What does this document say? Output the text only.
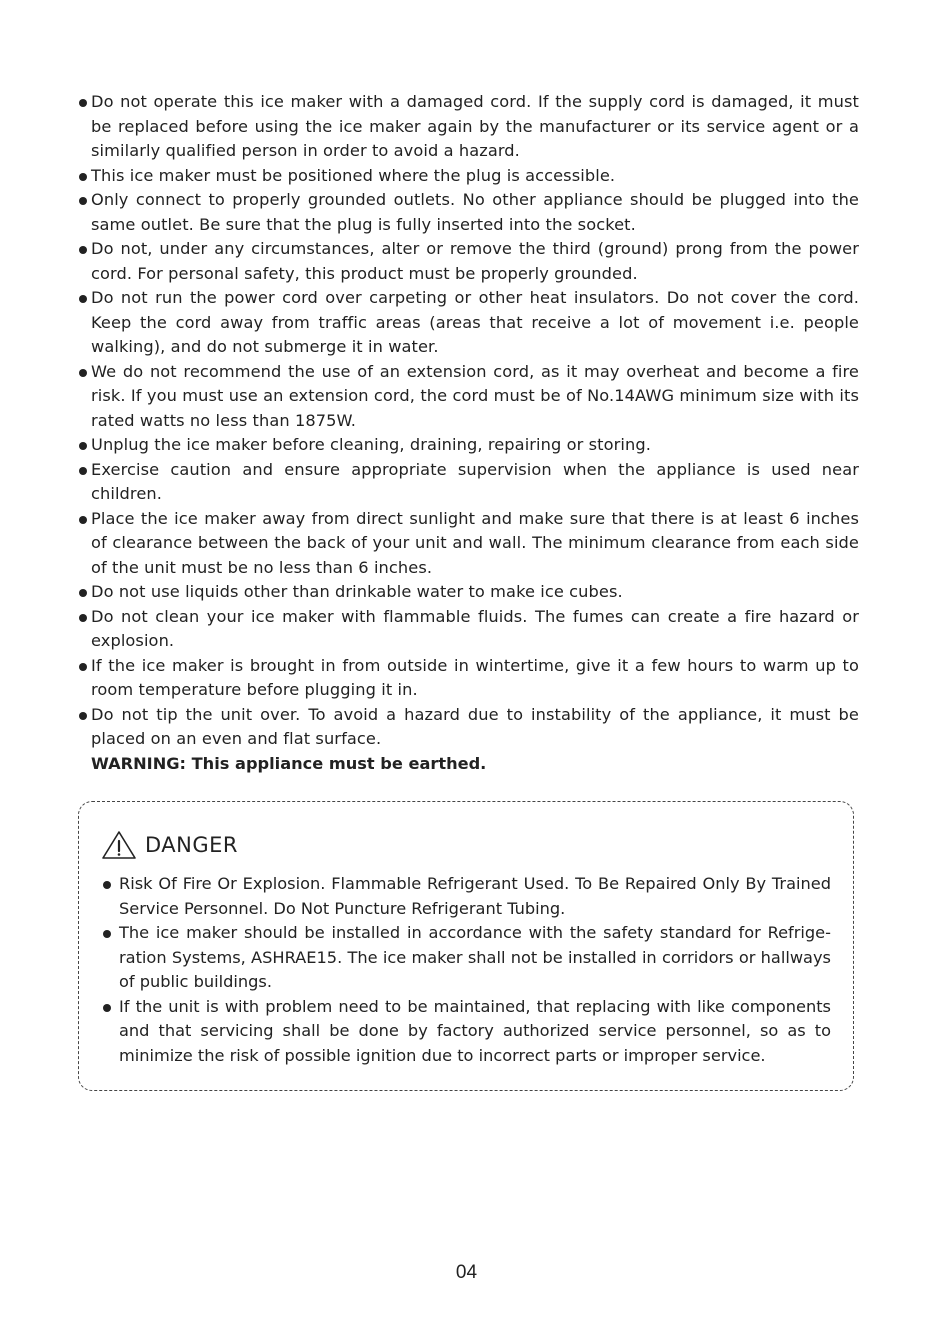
Do not operate this ice maker with a damaged cord. If the supply cord is damaged, it must be replaced before using the ice maker again by the manufacturer or its service agent or a similarly qualified person in order to avoid a hazard.
This ice maker must be positioned where the plug is accessible.
Only connect to properly grounded outlets. No other appliance should be plugged into the same outlet. Be sure that the plug is fully inserted into the socket.
Do not, under any circumstances, alter or remove the third (ground) prong from the power cord. For personal safety, this product must be properly grounded.
Do not run the power cord over carpeting or other heat insulators. Do not cover the cord. Keep the cord away from traffic areas (areas that receive a lot of movement i.e. people walking), and do not submerge it in water.
We do not recommend the use of an extension cord, as it may overheat and become a fire risk. If you must use an extension cord, the cord must be of No.14AWG minimum size with its rated watts no less than 1875W.
Unplug the ice maker before cleaning, draining, repairing or storing.
Exercise caution and ensure appropriate supervision when the appliance is used near children.
Place the ice maker away from direct sunlight and make sure that there is at least 6 inches of clearance between the back of your unit and wall. The minimum clearance from each side of the unit must be no less than 6 inches.
Do not use liquids other than drinkable water to make ice cubes.
Do not clean your ice maker with flammable fluids. The fumes can create a fire hazard or explosion.
If the ice maker is brought in from outside in wintertime, give it a few hours to warm up to room temperature before plugging it in.
Do not tip the unit over. To avoid a hazard due to instability of the appliance, it must be placed on an even and flat surface.
WARNING: This appliance must be earthed.
DANGER
Risk Of Fire Or Explosion. Flammable Refrigerant Used. To Be Repaired Only By Trained Service Personnel. Do Not Puncture Refrigerant Tubing.
The ice maker should be installed in accordance with the safety standard for Refrige-ration Systems, ASHRAE15. The ice maker shall not be installed in corridors or hallways of public buildings.
If the unit is with problem need to be maintained, that replacing with like components and that servicing shall be done by factory authorized service personnel, so as to minimize the risk of possible ignition due to incorrect parts or improper service.
04
